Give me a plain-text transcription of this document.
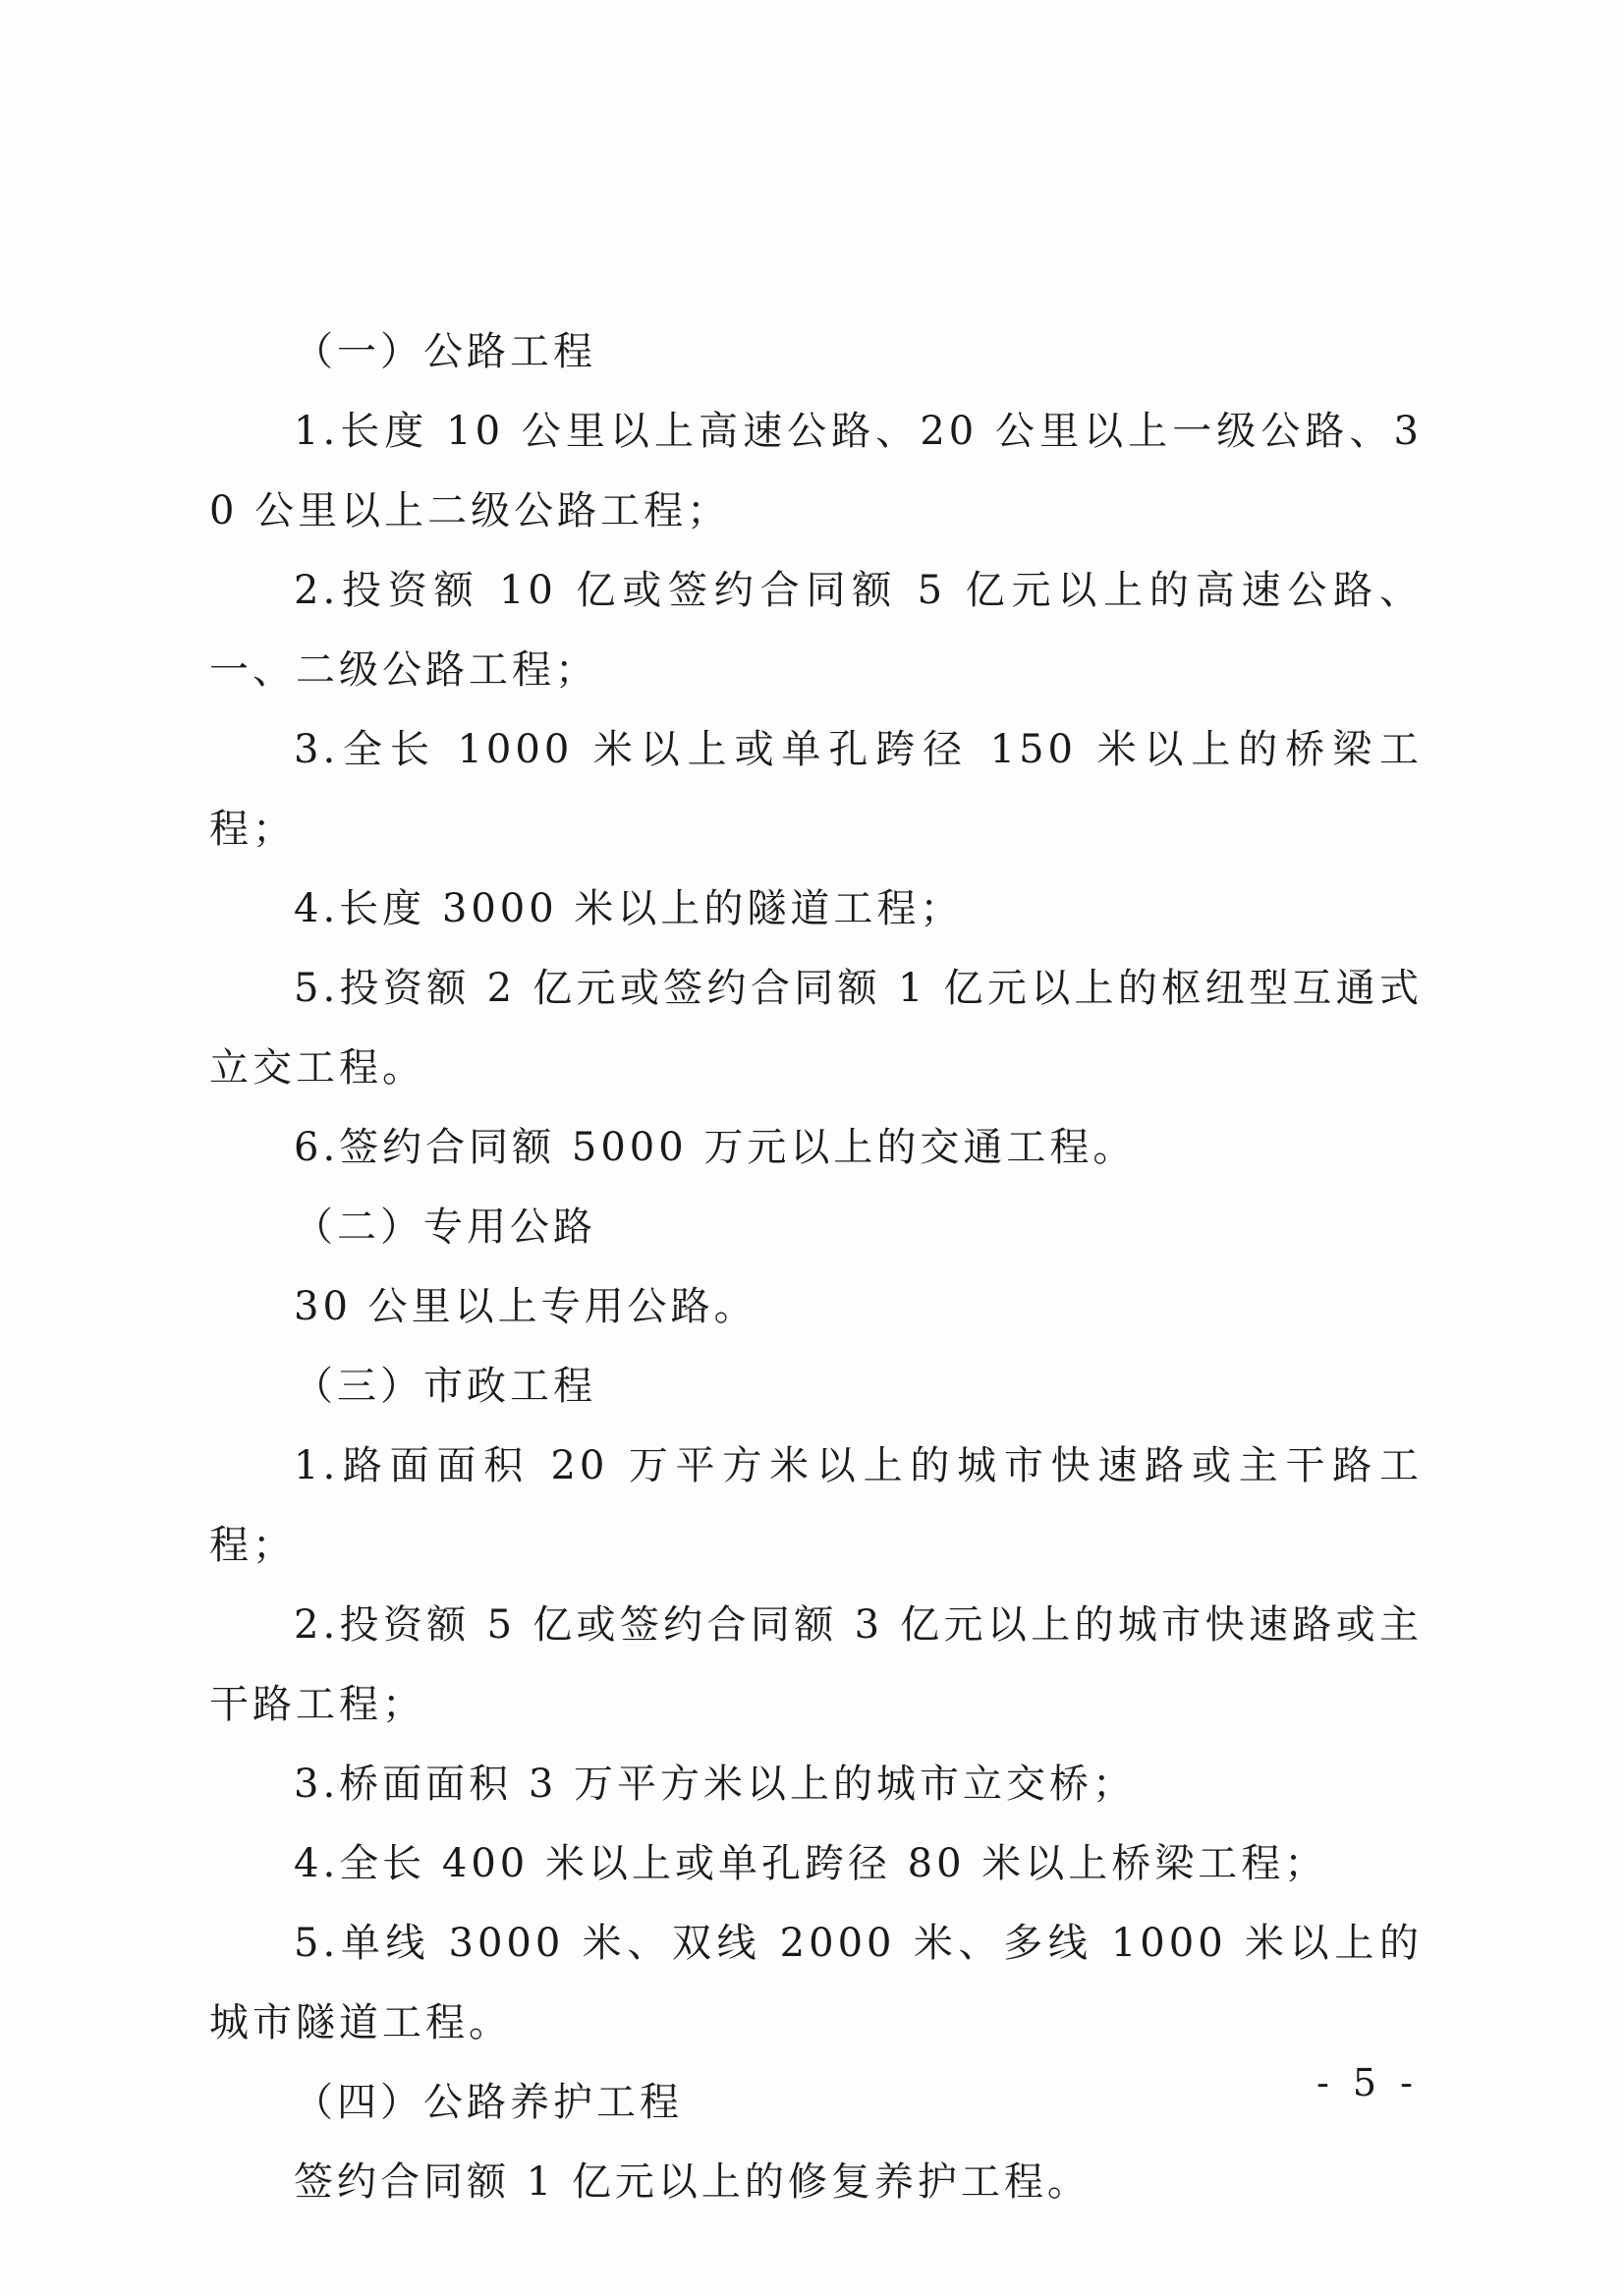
（一）公路工程

1.长度 10 公里以上高速公路、20 公里以上一级公路、30 公里以上二级公路工程；

2.投资额 10 亿或签约合同额 5 亿元以上的高速公路、一、二级公路工程；

3.全长 1000 米以上或单孔跨径 150 米以上的桥梁工程；

4.长度 3000 米以上的隧道工程；

5.投资额 2 亿元或签约合同额 1 亿元以上的枢纽型互通式立交工程。

6.签约合同额 5000 万元以上的交通工程。

（二）专用公路

30 公里以上专用公路。

（三）市政工程

1.路面面积 20 万平方米以上的城市快速路或主干路工程；

2.投资额 5 亿或签约合同额 3 亿元以上的城市快速路或主干路工程；

3.桥面面积 3 万平方米以上的城市立交桥；

4.全长 400 米以上或单孔跨径 80 米以上桥梁工程；

5.单线 3000 米、双线 2000 米、多线 1000 米以上的城市隧道工程。

（四）公路养护工程

签约合同额 1 亿元以上的修复养护工程。

- 5 -
